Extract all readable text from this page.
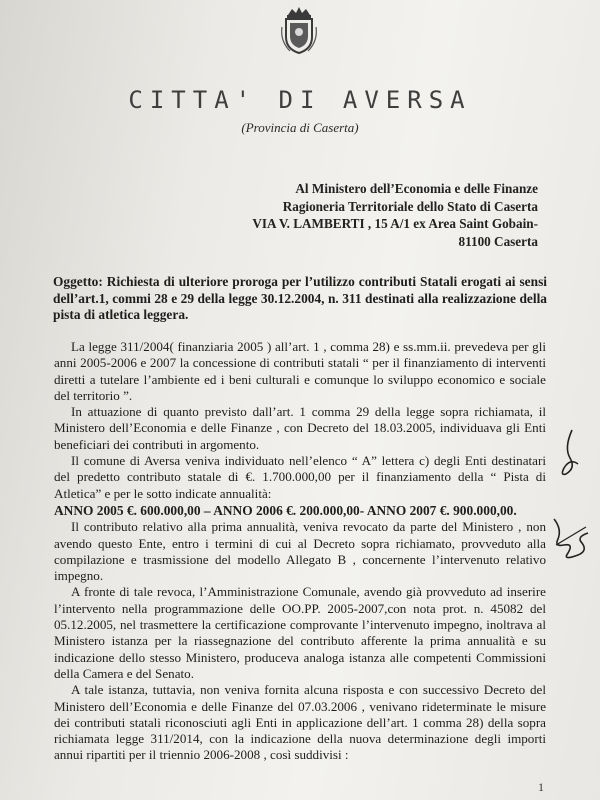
CITTA' DI AVERSA
(Provincia di Caserta)
Al Ministero dell’Economia e delle Finanze
Ragioneria Territoriale dello Stato di Caserta
VIA V. LAMBERTI , 15 A/1 ex Area Saint Gobain-
81100 Caserta
Oggetto: Richiesta di ulteriore proroga per l’utilizzo contributi Statali erogati ai sensi dell’art.1, commi 28 e 29 della legge 30.12.2004, n. 311 destinati alla realizzazione della pista di atletica leggera.

La legge 311/2004( finanziaria 2005 ) all’art. 1 , comma 28) e ss.mm.ii. prevedeva per gli anni 2005-2006 e 2007 la concessione di contributi statali “ per il finanziamento di interventi diretti a tutelare l’ambiente ed i beni culturali e comunque lo sviluppo economico e sociale del territorio ”.

In attuazione di quanto previsto dall’art. 1 comma 29 della legge sopra richiamata, il Ministero dell’Economia e delle Finanze , con Decreto del 18.03.2005, individuava gli Enti beneficiari dei contributi in argomento.

Il comune di Aversa veniva individuato nell’elenco “ A” lettera c) degli Enti destinatari del predetto contributo statale di €. 1.700.000,00 per il finanziamento della “ Pista di Atletica” e per le sotto indicate annualità:

ANNO 2005 €. 600.000,00 – ANNO 2006 €. 200.000,00- ANNO 2007 €. 900.000,00.

Il contributo relativo alla prima annualità, veniva revocato da parte del Ministero , non avendo questo Ente, entro i termini di cui al Decreto sopra richiamato, provveduto alla compilazione e trasmissione del modello Allegato B , concernente l’intervenuto relativo impegno.

A fronte di tale revoca, l’Amministrazione Comunale, avendo già provveduto ad inserire l’intervento nella programmazione delle OO.PP. 2005-2007,con nota prot. n. 45082 del 05.12.2005, nel trasmettere la certificazione comprovante l’intervenuto impegno, inoltrava al Ministero istanza per la riassegnazione del contributo afferente la prima annualità e su indicazione dello stesso Ministero, produceva analoga istanza alle competenti Commissioni della Camera e del Senato.

A tale istanza, tuttavia, non veniva fornita alcuna risposta e con successivo Decreto del Ministero dell’Economia e delle Finanze del 07.03.2006 , venivano rideterminate le misure dei contributi statali riconosciuti agli Enti in applicazione dell’art. 1 comma 28) della sopra richiamata legge 311/2014, con la indicazione della nuova determinazione degli importi annui ripartiti per il triennio 2006-2008 , così suddivisi :

1
